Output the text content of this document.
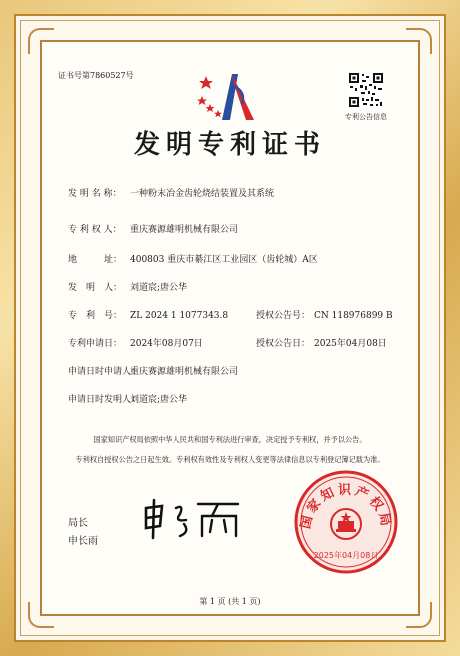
证书号第7860527号
专利公告信息
发明专利证书
发 明 名 称： 一种粉末冶金齿轮烧结装置及其系统
专 利 权 人： 重庆赛源雄明机械有限公司
地　　　址： 400803 重庆市綦江区工业园区（齿轮城）A区
发　明　人： 刘道宸;唐公华
专　利　号： ZL 2024 1 1077343.8	授权公告号： CN 118976899 B
专利申请日： 2024年08月07日	授权公告日： 2025年04月08日
申请日时申请人：重庆赛源雄明机械有限公司
申请日时发明人：刘道宸;唐公华
国家知识产权局依照中华人民共和国专利法进行审查，决定授予专利权，并予以公告。
专利权自授权公告之日起生效。专利权有效性及专利权人变更等法律信息以专利登记簿记载为准。
局长
申长雨
国家知识产权局
2025年04月08日
第 1 页 (共 1 页)
